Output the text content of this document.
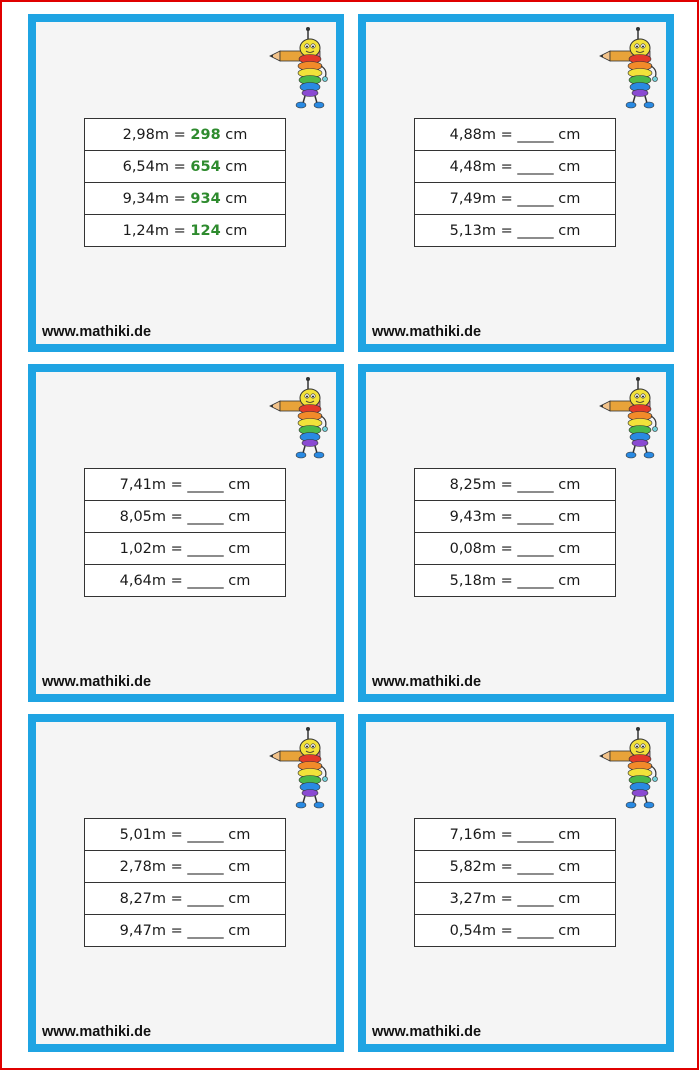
2,98m = 298 cm
6,54m = 654 cm
9,34m = 934 cm
1,24m = 124 cm
www.mathiki.de
4,88m = _____ cm
4,48m = _____ cm
7,49m = _____ cm
5,13m = _____ cm
www.mathiki.de
7,41m = _____ cm
8,05m = _____ cm
1,02m = _____ cm
4,64m = _____ cm
www.mathiki.de
8,25m = _____ cm
9,43m = _____ cm
0,08m = _____ cm
5,18m = _____ cm
www.mathiki.de
5,01m = _____ cm
2,78m = _____ cm
8,27m = _____ cm
9,47m = _____ cm
www.mathiki.de
7,16m = _____ cm
5,82m = _____ cm
3,27m = _____ cm
0,54m = _____ cm
www.mathiki.de
www.freeprintable.website
